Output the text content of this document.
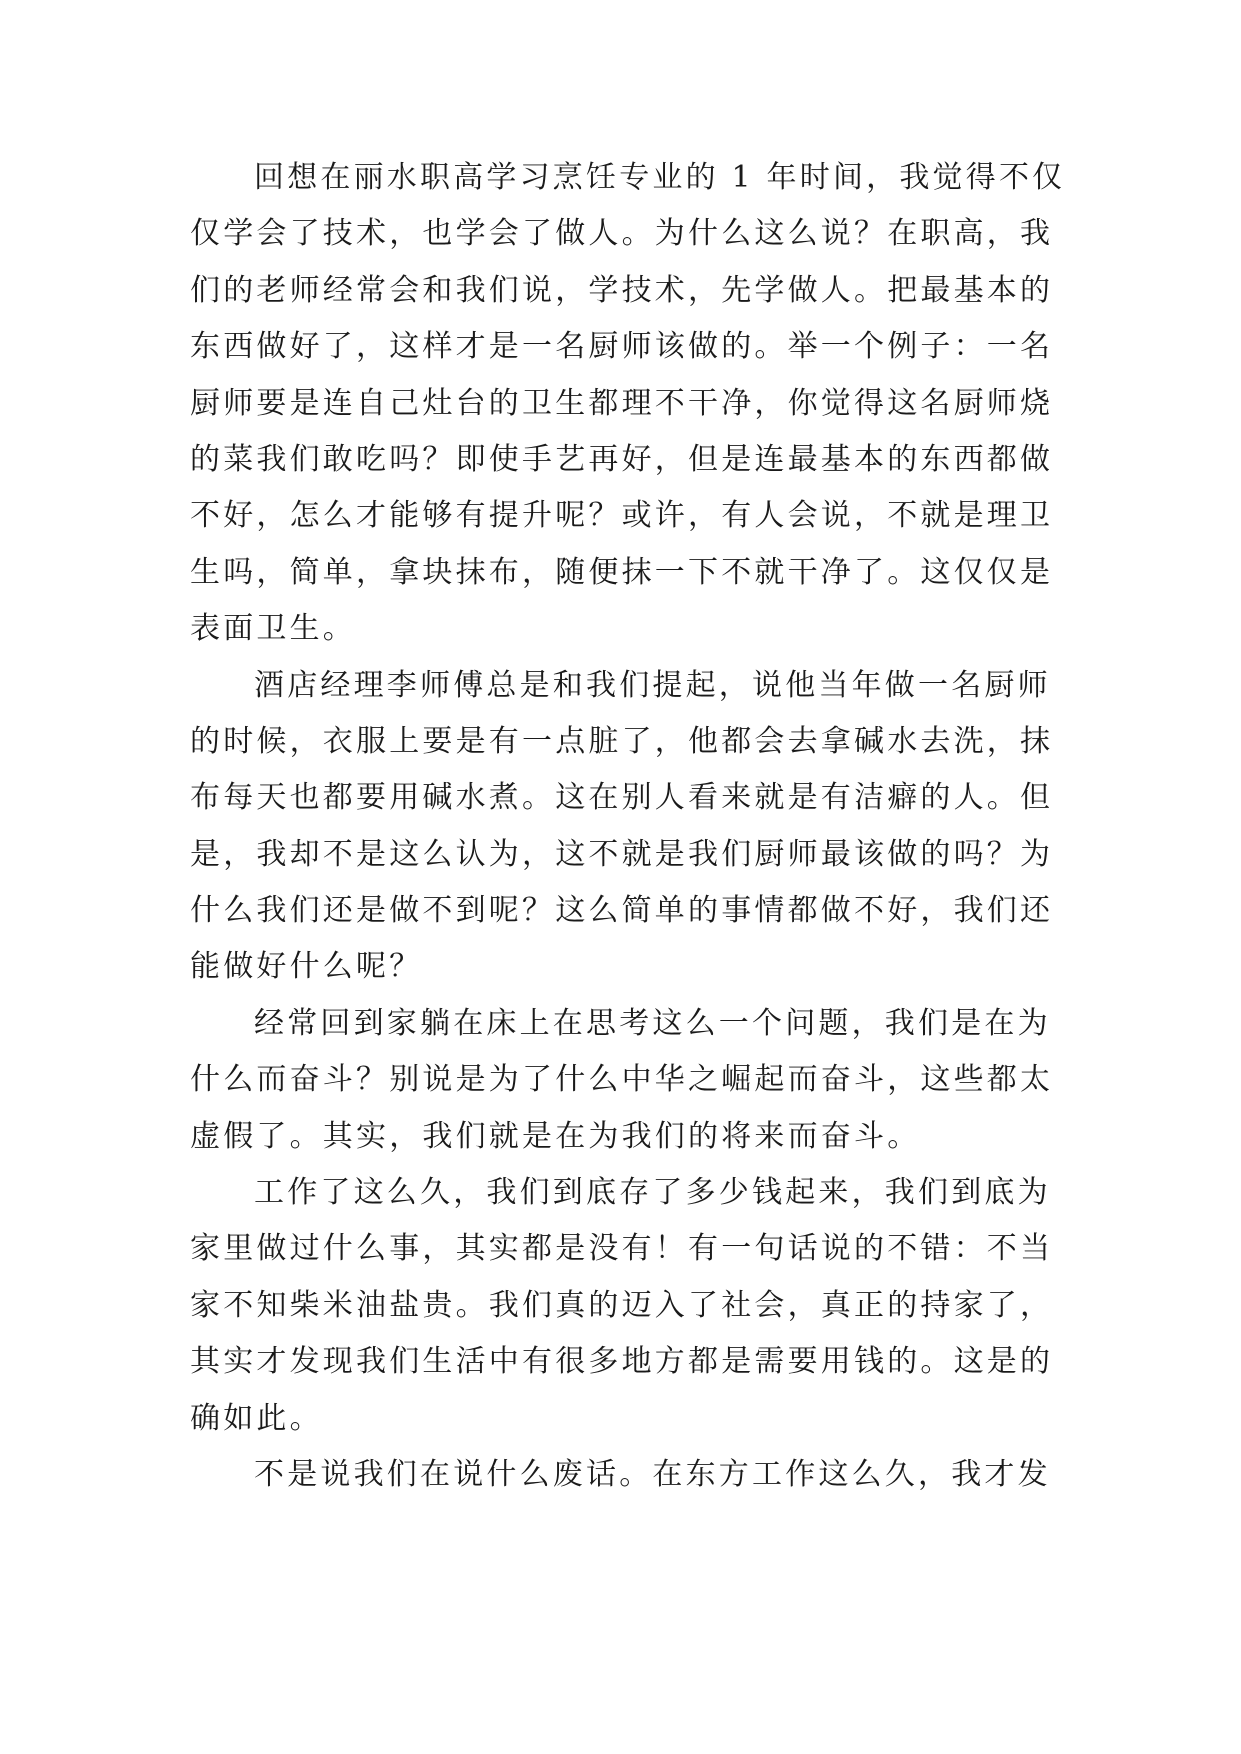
回想在丽水职高学习烹饪专业的 1 年时间，我觉得不仅
仅学会了技术，也学会了做人。为什么这么说？在职高，我
们的老师经常会和我们说，学技术，先学做人。把最基本的
东西做好了，这样才是一名厨师该做的。举一个例子：一名
厨师要是连自己灶台的卫生都理不干净，你觉得这名厨师烧
的菜我们敢吃吗？即使手艺再好，但是连最基本的东西都做
不好，怎么才能够有提升呢？或许，有人会说，不就是理卫
生吗，简单，拿块抹布，随便抹一下不就干净了。这仅仅是
表面卫生。
酒店经理李师傅总是和我们提起，说他当年做一名厨师
的时候，衣服上要是有一点脏了，他都会去拿碱水去洗，抹
布每天也都要用碱水煮。这在别人看来就是有洁癖的人。但
是，我却不是这么认为，这不就是我们厨师最该做的吗？为
什么我们还是做不到呢？这么简单的事情都做不好，我们还
能做好什么呢？
经常回到家躺在床上在思考这么一个问题，我们是在为
什么而奋斗？别说是为了什么中华之崛起而奋斗，这些都太
虚假了。其实，我们就是在为我们的将来而奋斗。
工作了这么久，我们到底存了多少钱起来，我们到底为
家里做过什么事，其实都是没有！有一句话说的不错：不当
家不知柴米油盐贵。我们真的迈入了社会，真正的持家了，
其实才发现我们生活中有很多地方都是需要用钱的。这是的
确如此。
不是说我们在说什么废话。在东方工作这么久，我才发
